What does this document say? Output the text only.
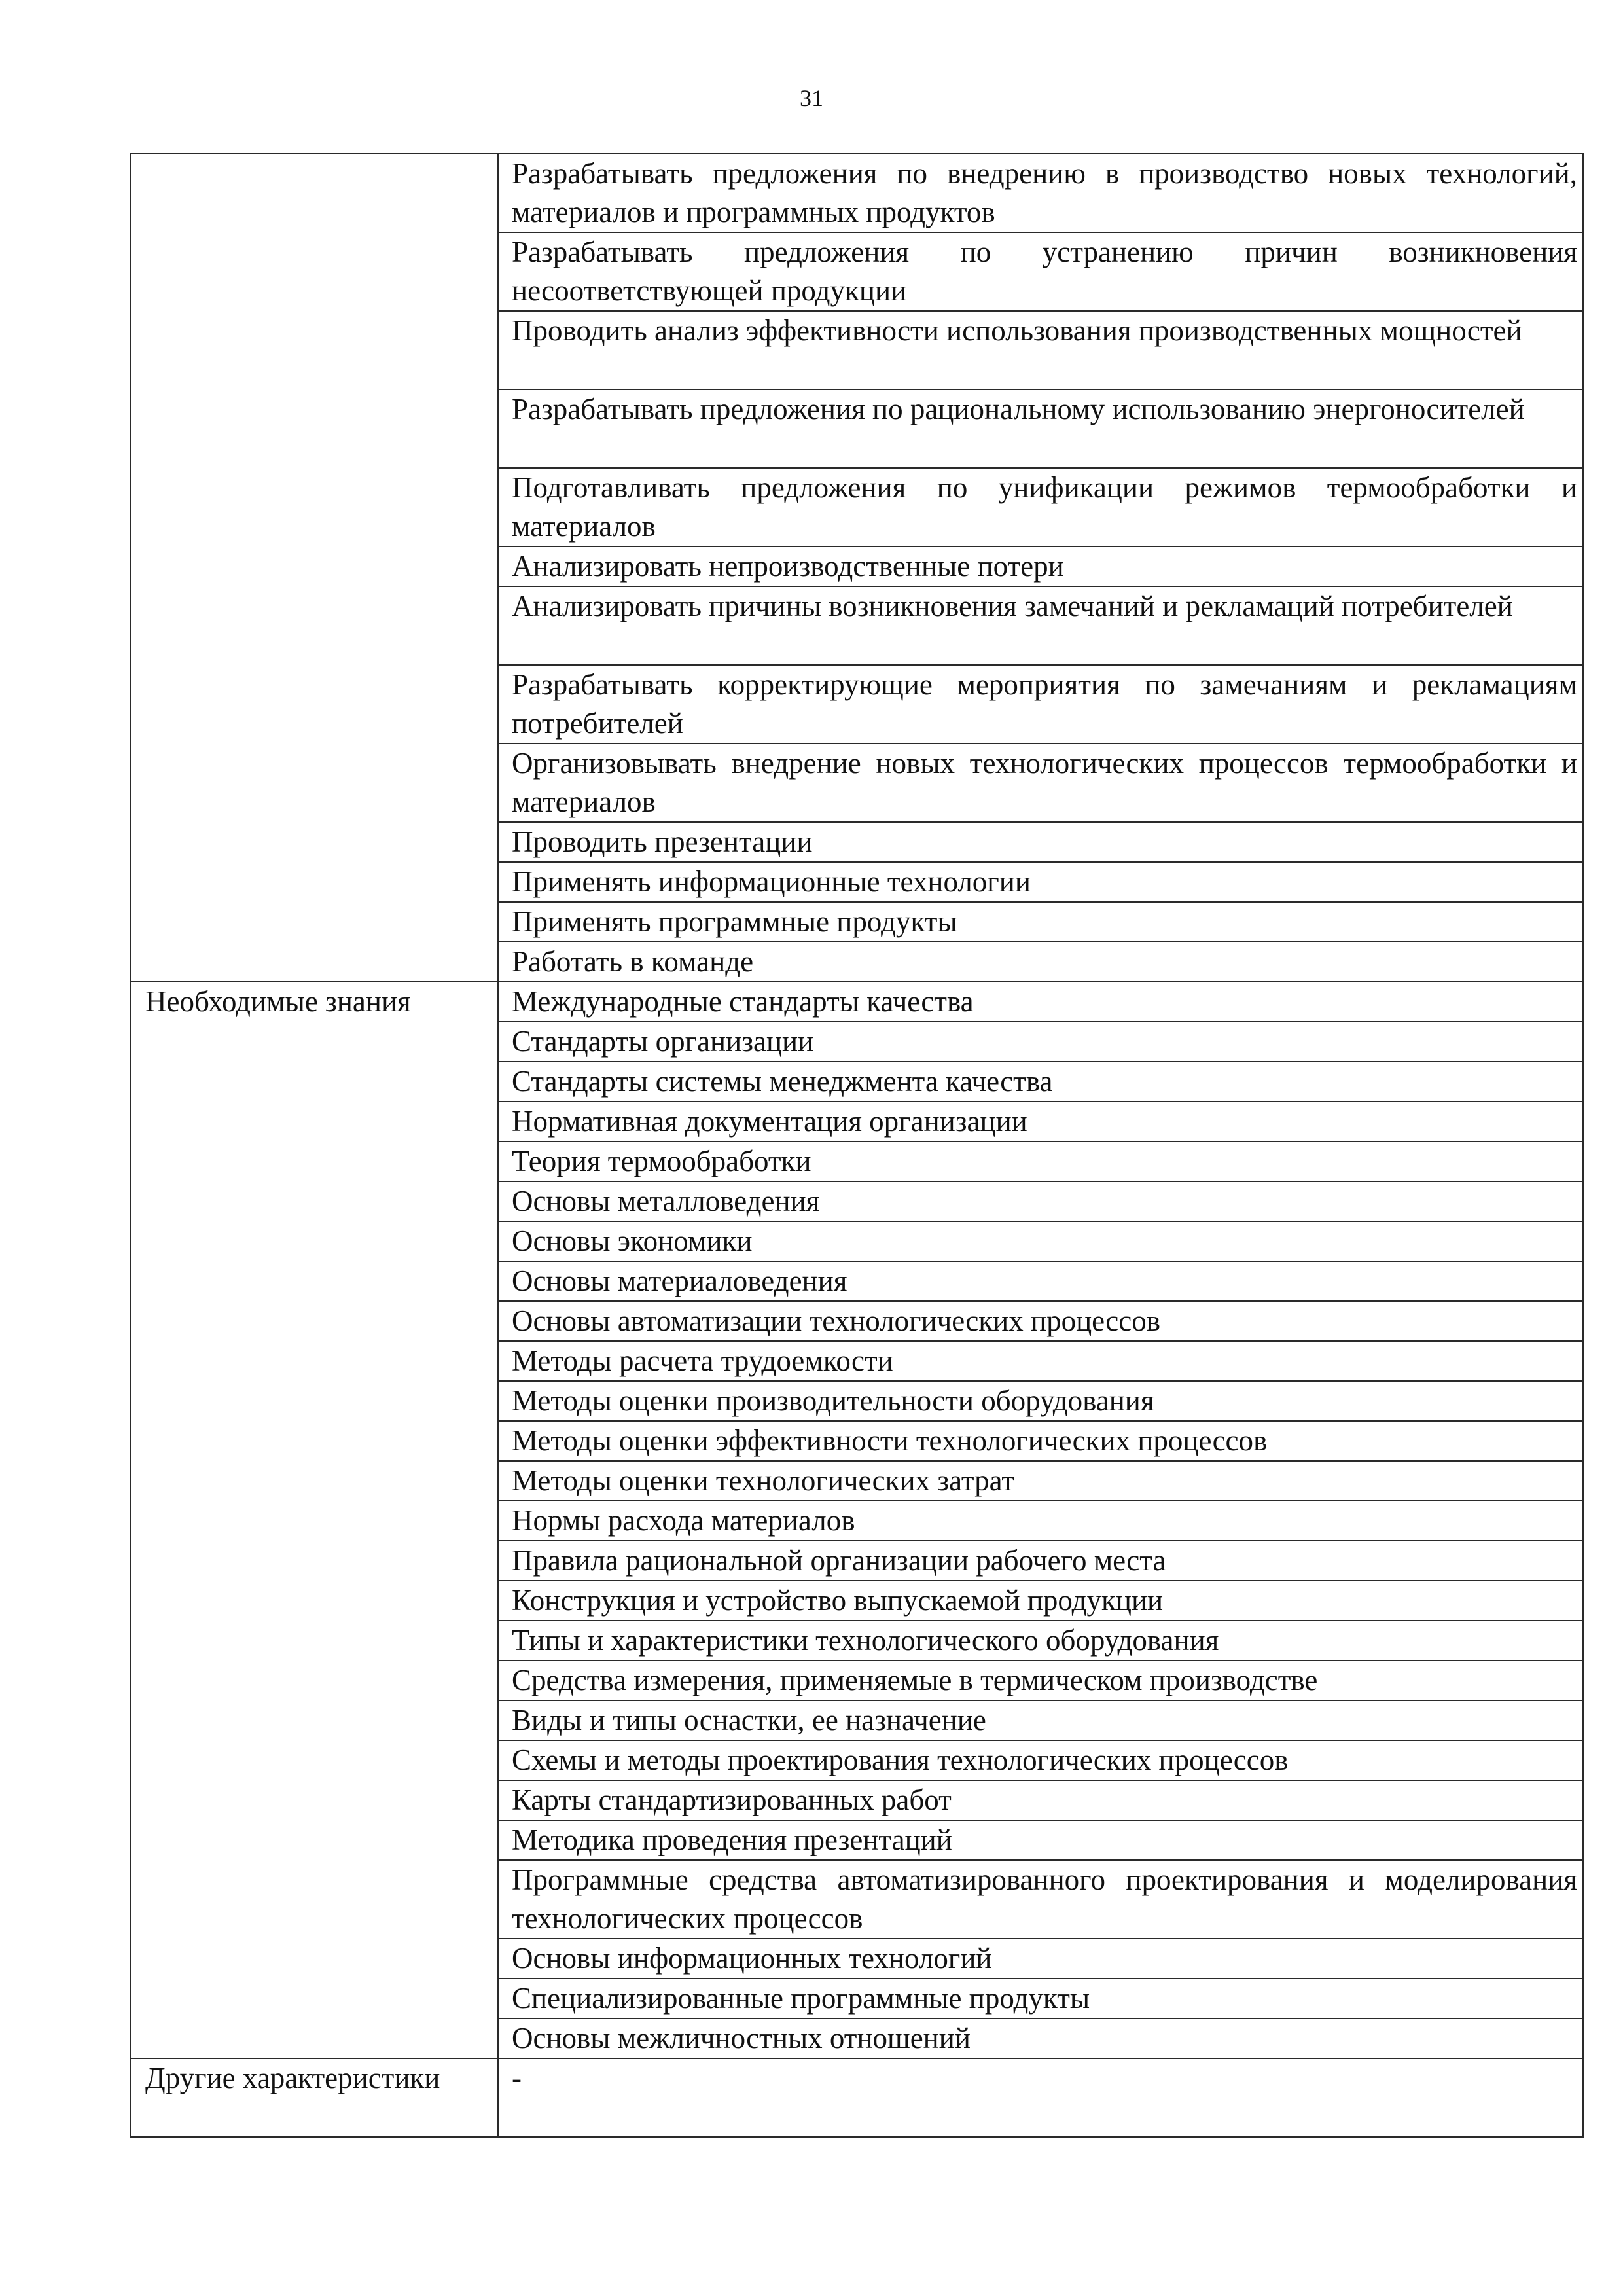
31
	Разрабатывать предложения по внедрению в производство новых технологий, материалов и программных продуктов
	Разрабатывать предложения по устранению причин возникновения несоответствующей продукции
	Проводить анализ эффективности использования производственных мощностей
	Разрабатывать предложения по рациональному использованию энергоносителей
	Подготавливать предложения по унификации режимов термообработки и материалов
	Анализировать непроизводственные потери
	Анализировать причины возникновения замечаний и рекламаций потребителей
	Разрабатывать корректирующие мероприятия по замечаниям и рекламациям потребителей
	Организовывать внедрение новых технологических процессов термообработки и материалов
	Проводить презентации
	Применять информационные технологии
	Применять программные продукты
	Работать в команде
Необходимые знания	Международные стандарты качества
	Стандарты организации
	Стандарты системы менеджмента качества
	Нормативная документация организации
	Теория термообработки
	Основы металловедения
	Основы экономики
	Основы материаловедения
	Основы автоматизации технологических процессов
	Методы расчета трудоемкости
	Методы оценки производительности оборудования
	Методы оценки эффективности технологических процессов
	Методы оценки технологических затрат
	Нормы расхода материалов
	Правила рациональной организации рабочего места
	Конструкция и устройство выпускаемой продукции
	Типы и характеристики технологического оборудования
	Средства измерения, применяемые в термическом производстве
	Виды и типы оснастки, ее назначение
	Схемы и методы проектирования технологических процессов
	Карты стандартизированных работ
	Методика проведения презентаций
	Программные средства автоматизированного проектирования и моделирования технологических процессов
	Основы информационных технологий
	Специализированные программные продукты
	Основы межличностных отношений
Другие характеристики	-
